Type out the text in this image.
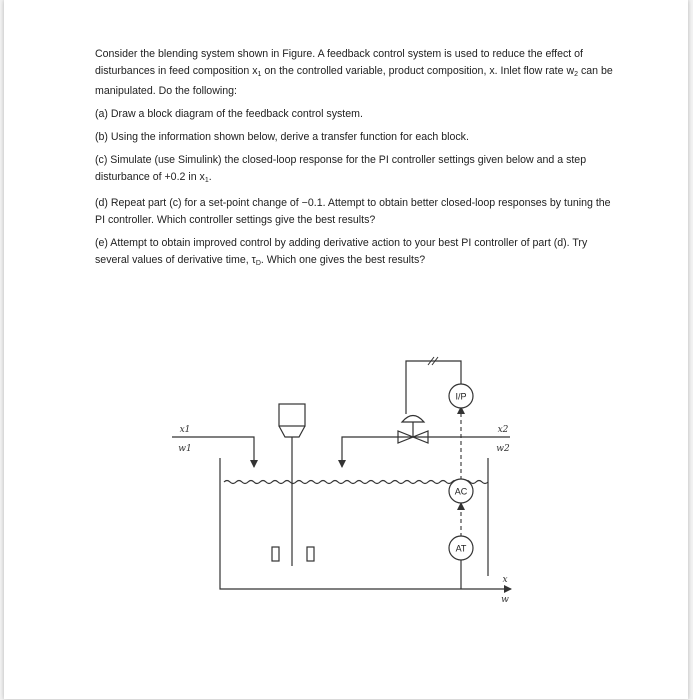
Consider the blending system shown in Figure. A feedback control system is used to reduce the effect of disturbances in feed composition $x_1$ on the controlled variable, product composition, x. Inlet flow rate $w_2$ can be manipulated. Do the following:

(a) Draw a block diagram of the feedback control system.

(b) Using the information shown below, derive a transfer function for each block.

(c) Simulate (use Simulink) the closed-loop response for the PI controller settings given below and a step disturbance of +0.2 in $x_1$.

(d) Repeat part (c) for a set-point change of −0.1. Attempt to obtain better closed-loop responses by tuning the PI controller. Which controller settings give the best results?

(e) Attempt to obtain improved control by adding derivative action to your best PI controller of part (d). Try several values of derivative time, $\tau_D$. Which one gives the best results?

I/P
AC
AT
x1
w1
x2
w2
x
w
